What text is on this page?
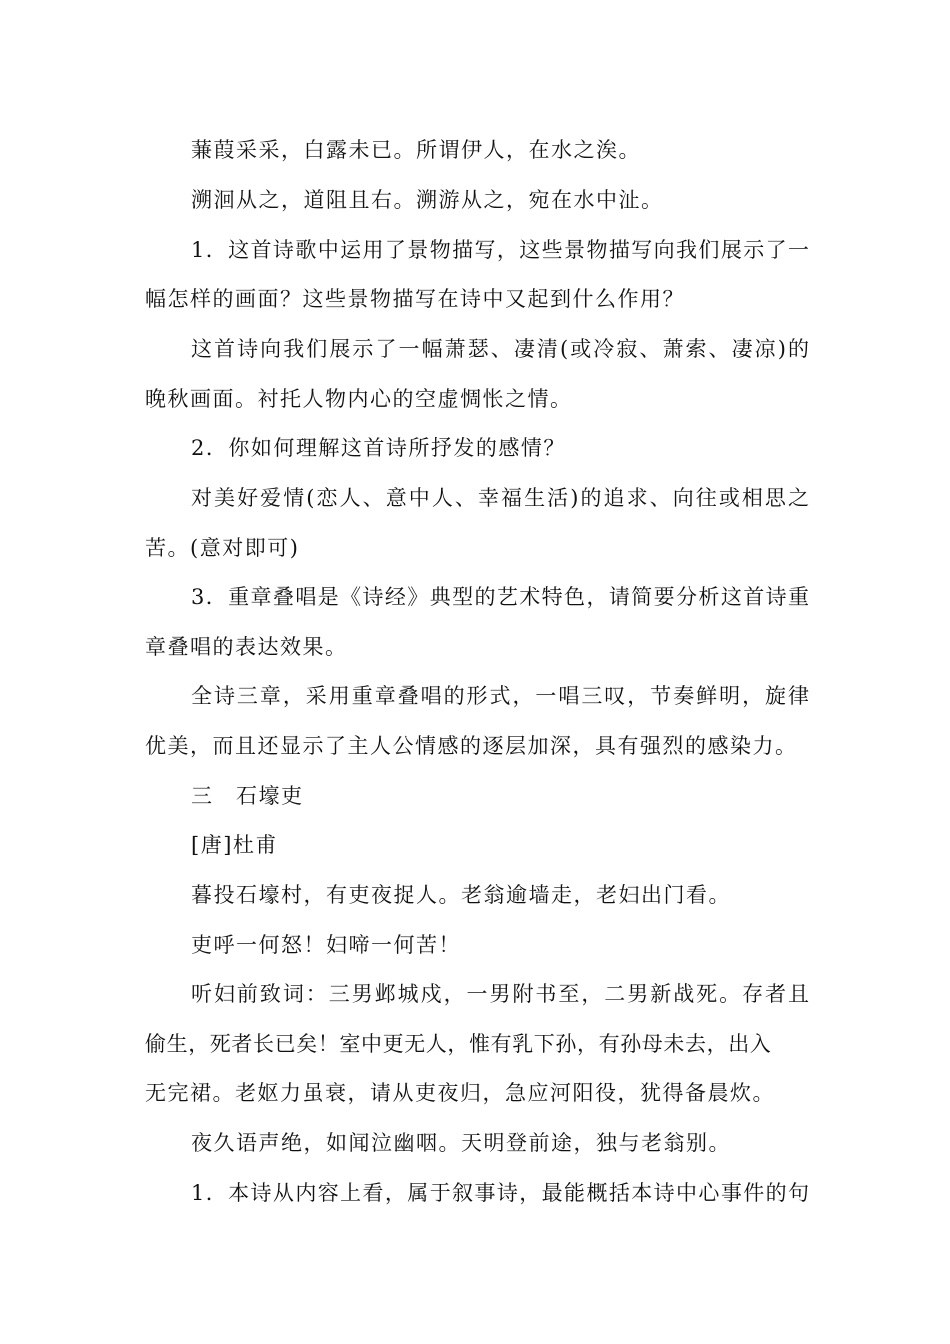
蒹葭采采，白露未已。所谓伊人，在水之涘。

溯洄从之，道阻且右。溯游从之，宛在水中沚。

1．这首诗歌中运用了景物描写，这些景物描写向我们展示了一

幅怎样的画面？这些景物描写在诗中又起到什么作用？

这首诗向我们展示了一幅萧瑟、凄清(或冷寂、萧索、凄凉)的

晚秋画面。衬托人物内心的空虚惆怅之情。

2．你如何理解这首诗所抒发的感情？

对美好爱情(恋人、意中人、幸福生活)的追求、向往或相思之

苦。(意对即可)

3．重章叠唱是《诗经》典型的艺术特色，请简要分析这首诗重

章叠唱的表达效果。

全诗三章，采用重章叠唱的形式，一唱三叹，节奏鲜明，旋律

优美，而且还显示了主人公情感的逐层加深，具有强烈的感染力。

三　石壕吏

[唐]杜甫

暮投石壕村，有吏夜捉人。老翁逾墙走，老妇出门看。

吏呼一何怒！妇啼一何苦！

听妇前致词：三男邺城戍，一男附书至，二男新战死。存者且

偷生，死者长已矣！室中更无人，惟有乳下孙，有孙母未去，出入

无完裙。老妪力虽衰，请从吏夜归，急应河阳役，犹得备晨炊。

夜久语声绝，如闻泣幽咽。天明登前途，独与老翁别。

1．本诗从内容上看，属于叙事诗，最能概括本诗中心事件的句
